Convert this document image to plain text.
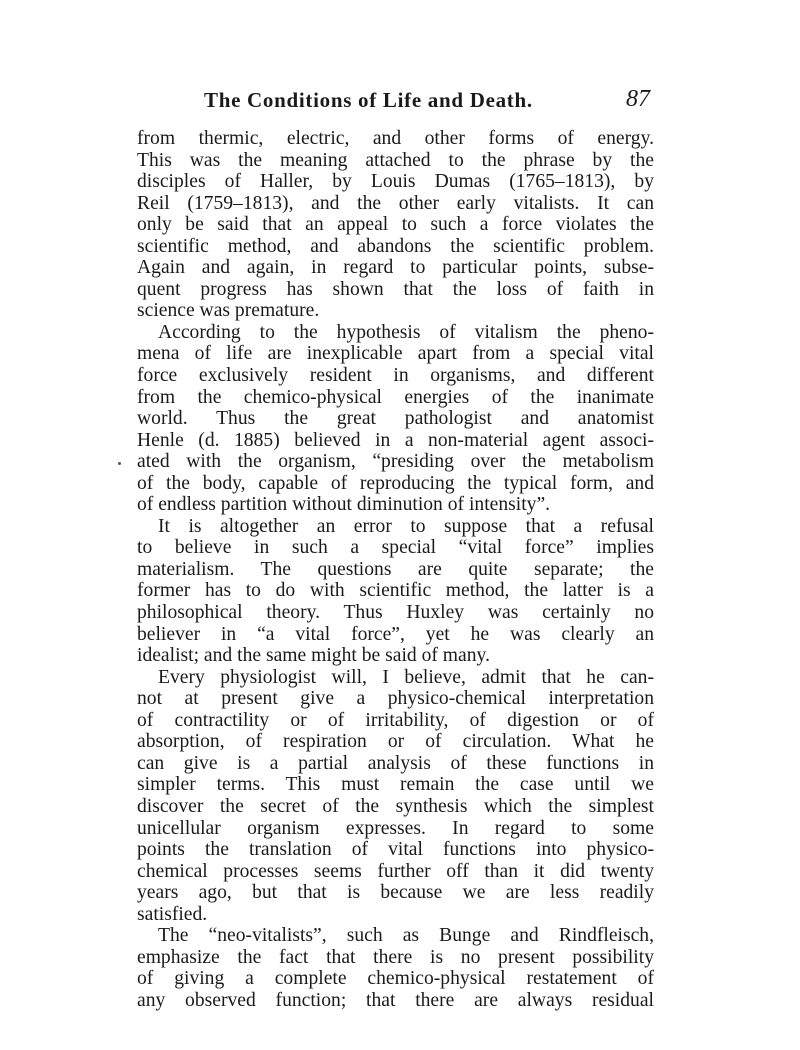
The Conditions of Life and Death.	87
from thermic, electric, and other forms of energy.
This was the meaning attached to the phrase by the
disciples of Haller, by Louis Dumas (1765–1813), by
Reil (1759–1813), and the other early vitalists. It can
only be said that an appeal to such a force violates the
scientific method, and abandons the scientific problem.
Again and again, in regard to particular points, subse-
quent progress has shown that the loss of faith in
science was premature.
According to the hypothesis of vitalism the pheno-
mena of life are inexplicable apart from a special vital
force exclusively resident in organisms, and different
from the chemico-physical energies of the inanimate
world. Thus the great pathologist and anatomist
Henle (d. 1885) believed in a non-material agent associ-
ated with the organism, “presiding over the metabolism
of the body, capable of reproducing the typical form, and
of endless partition without diminution of intensity”.
It is altogether an error to suppose that a refusal
to believe in such a special “vital force” implies
materialism. The questions are quite separate; the
former has to do with scientific method, the latter is a
philosophical theory. Thus Huxley was certainly no
believer in “a vital force”, yet he was clearly an
idealist; and the same might be said of many.
Every physiologist will, I believe, admit that he can-
not at present give a physico-chemical interpretation
of contractility or of irritability, of digestion or of
absorption, of respiration or of circulation. What he
can give is a partial analysis of these functions in
simpler terms. This must remain the case until we
discover the secret of the synthesis which the simplest
unicellular organism expresses. In regard to some
points the translation of vital functions into physico-
chemical processes seems further off than it did twenty
years ago, but that is because we are less readily
satisfied.
The “neo-vitalists”, such as Bunge and Rindfleisch,
emphasize the fact that there is no present possibility
of giving a complete chemico-physical restatement of
any observed function; that there are always residual
